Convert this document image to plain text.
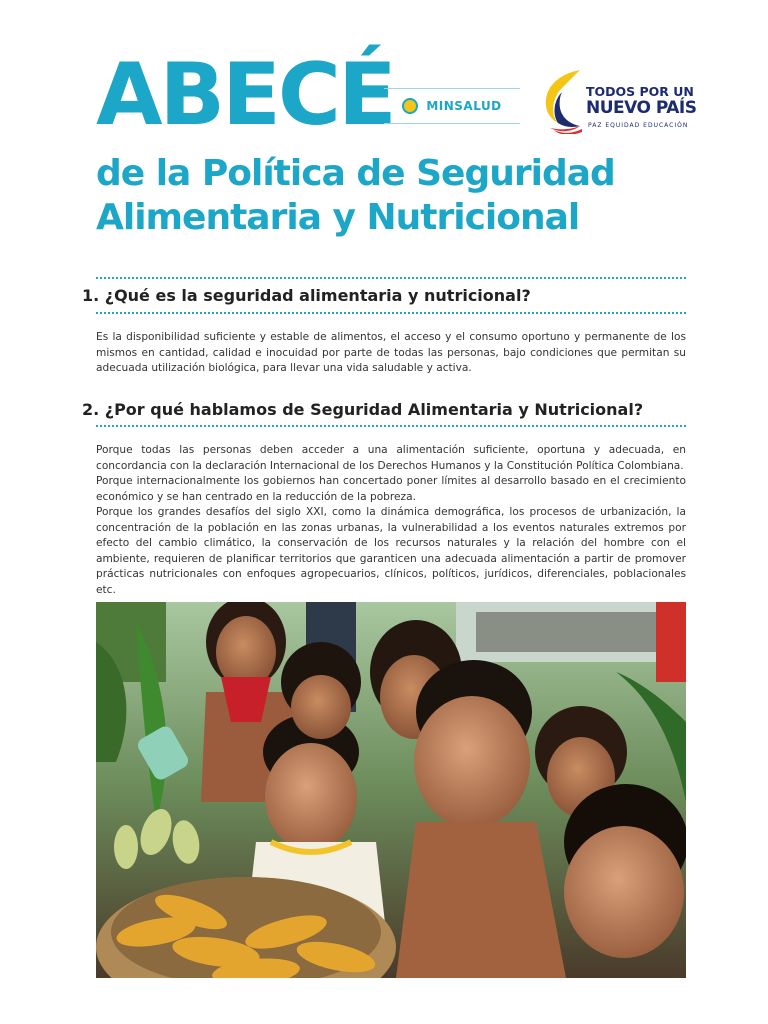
ABECÉ
de la Política de Seguridad
Alimentaria y Nutricional
MINSALUD
TODOS POR UN
NUEVO PAÍS
PAZ EQUIDAD EDUCACIÓN
1. ¿Qué es la seguridad alimentaria y nutricional?

Es la disponibilidad suficiente y estable de alimentos, el acceso y el consumo oportuno y permanente de los mismos en cantidad, calidad e inocuidad por parte de todas las personas, bajo condiciones que permitan su adecuada utilización biológica, para llevar una vida saludable y activa.

2. ¿Por qué hablamos de Seguridad Alimentaria y Nutricional?

Porque todas las personas deben acceder a una alimentación suficiente, oportuna y adecuada, en concordancia con la declaración Internacional de los Derechos Humanos y la Constitución Política Colombiana.

Porque internacionalmente los gobiernos han concertado poner límites al desarrollo basado en el crecimiento económico y se han centrado en la reducción de la pobreza.

Porque los grandes desafíos del siglo XXI, como la dinámica demográfica, los procesos de urbanización, la concentración de la población en las zonas urbanas, la vulnerabilidad a los eventos naturales extremos por efecto del cambio climático, la conservación de los recursos naturales y la relación del hombre con el ambiente, requieren de planificar territorios que garanticen una adecuada alimentación a partir de promover prácticas nutricionales con enfoques agropecuarios, clínicos, políticos, jurídicos, diferenciales, poblacionales etc.
